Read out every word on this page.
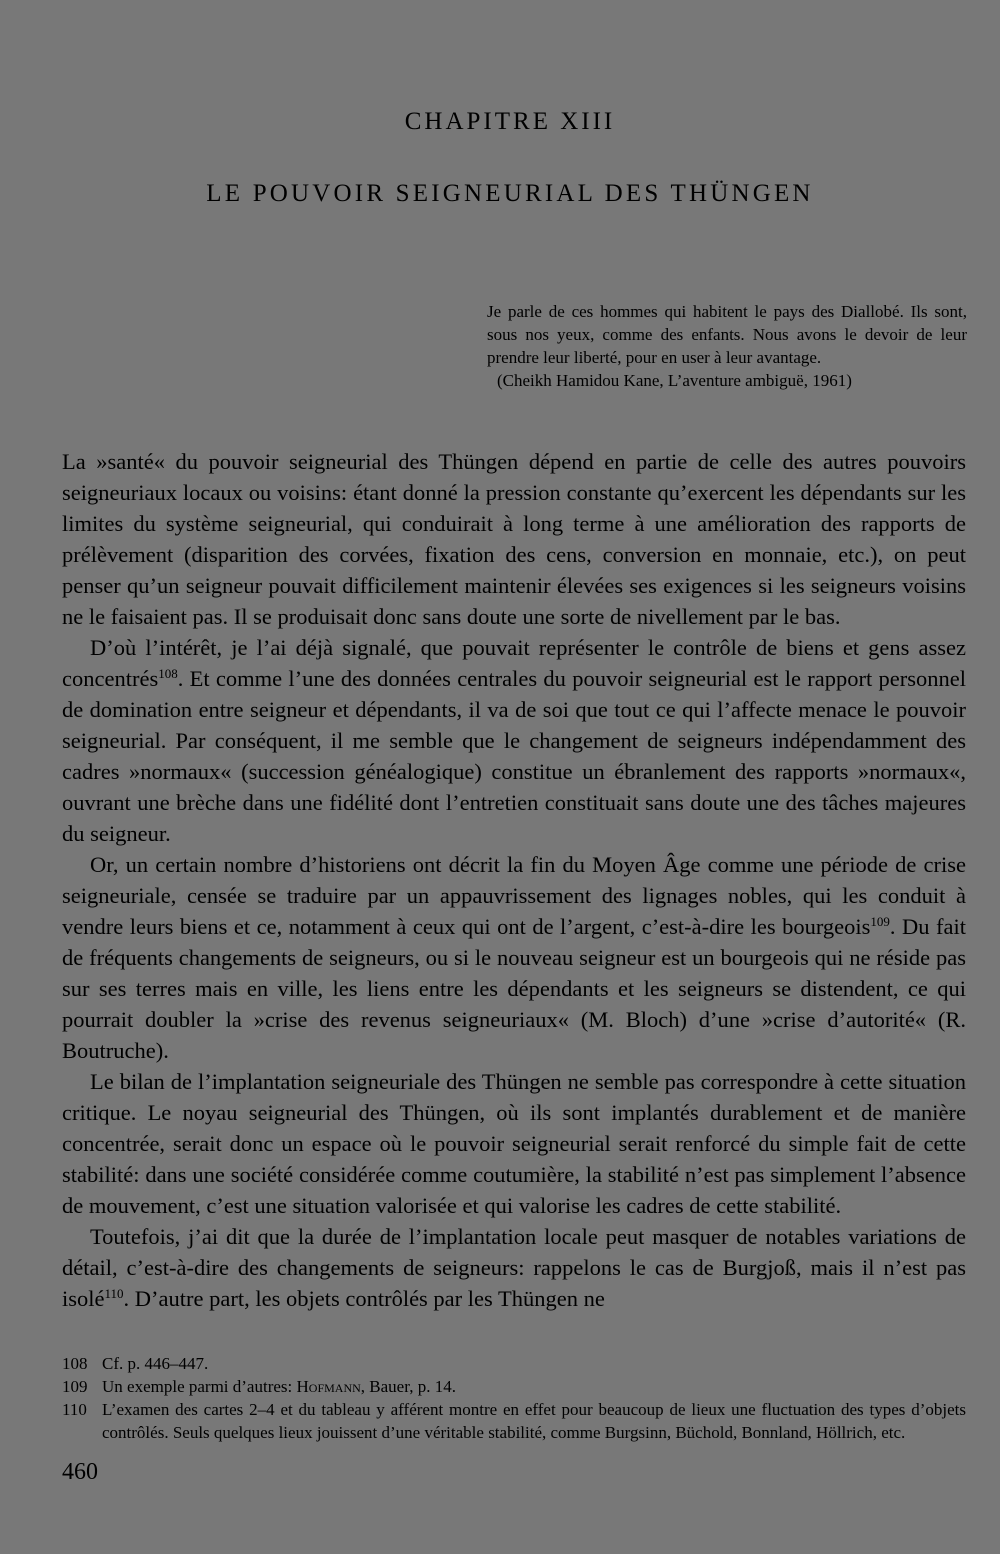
CHAPITRE XIII
LE POUVOIR SEIGNEURIAL DES THÜNGEN

Je parle de ces hommes qui habitent le pays des Diallobé. Ils sont, sous nos yeux, comme des enfants. Nous avons le devoir de leur prendre leur liberté, pour en user à leur avantage.

(Cheikh Hamidou Kane, L’aventure ambiguë, 1961)

La »santé« du pouvoir seigneurial des Thüngen dépend en partie de celle des autres pouvoirs seigneuriaux locaux ou voisins: étant donné la pression constante qu’exercent les dépendants sur les limites du système seigneurial, qui conduirait à long terme à une amélioration des rapports de prélèvement (disparition des corvées, fixation des cens, conversion en monnaie, etc.), on peut penser qu’un seigneur pouvait difficilement maintenir élevées ses exigences si les seigneurs voisins ne le faisaient pas. Il se produisait donc sans doute une sorte de nivellement par le bas.

D’où l’intérêt, je l’ai déjà signalé, que pouvait représenter le contrôle de biens et gens assez concentrés$^{108}$. Et comme l’une des données centrales du pouvoir seigneurial est le rapport personnel de domination entre seigneur et dépendants, il va de soi que tout ce qui l’affecte menace le pouvoir seigneurial. Par conséquent, il me semble que le changement de seigneurs indépendamment des cadres »normaux« (succession généalogique) constitue un ébranlement des rapports »normaux«, ouvrant une brèche dans une fidélité dont l’entretien constituait sans doute une des tâches majeures du seigneur.

Or, un certain nombre d’historiens ont décrit la fin du Moyen Âge comme une période de crise seigneuriale, censée se traduire par un appauvrissement des lignages nobles, qui les conduit à vendre leurs biens et ce, notamment à ceux qui ont de l’argent, c’est-à-dire les bourgeois$^{109}$. Du fait de fréquents changements de seigneurs, ou si le nouveau seigneur est un bourgeois qui ne réside pas sur ses terres mais en ville, les liens entre les dépendants et les seigneurs se distendent, ce qui pourrait doubler la »crise des revenus seigneuriaux« (M. Bloch) d’une »crise d’autorité« (R. Boutruche).

Le bilan de l’implantation seigneuriale des Thüngen ne semble pas correspondre à cette situation critique. Le noyau seigneurial des Thüngen, où ils sont implantés durablement et de manière concentrée, serait donc un espace où le pouvoir seigneurial serait renforcé du simple fait de cette stabilité: dans une société considérée comme coutumière, la stabilité n’est pas simplement l’absence de mouvement, c’est une situation valorisée et qui valorise les cadres de cette stabilité.

Toutefois, j’ai dit que la durée de l’implantation locale peut masquer de notables variations de détail, c’est-à-dire des changements de seigneurs: rappelons le cas de Burgjoß, mais il n’est pas isolé$^{110}$. D’autre part, les objets contrôlés par les Thüngen ne

108 Cf. p. 446–447.
109 Un exemple parmi d’autres: Hofmann, Bauer, p. 14.
110 L’examen des cartes 2–4 et du tableau y afférent montre en effet pour beaucoup de lieux une fluctuation des types d’objets contrôlés. Seuls quelques lieux jouissent d’une véritable stabilité, comme Burgsinn, Büchold, Bonnland, Höllrich, etc.

460
